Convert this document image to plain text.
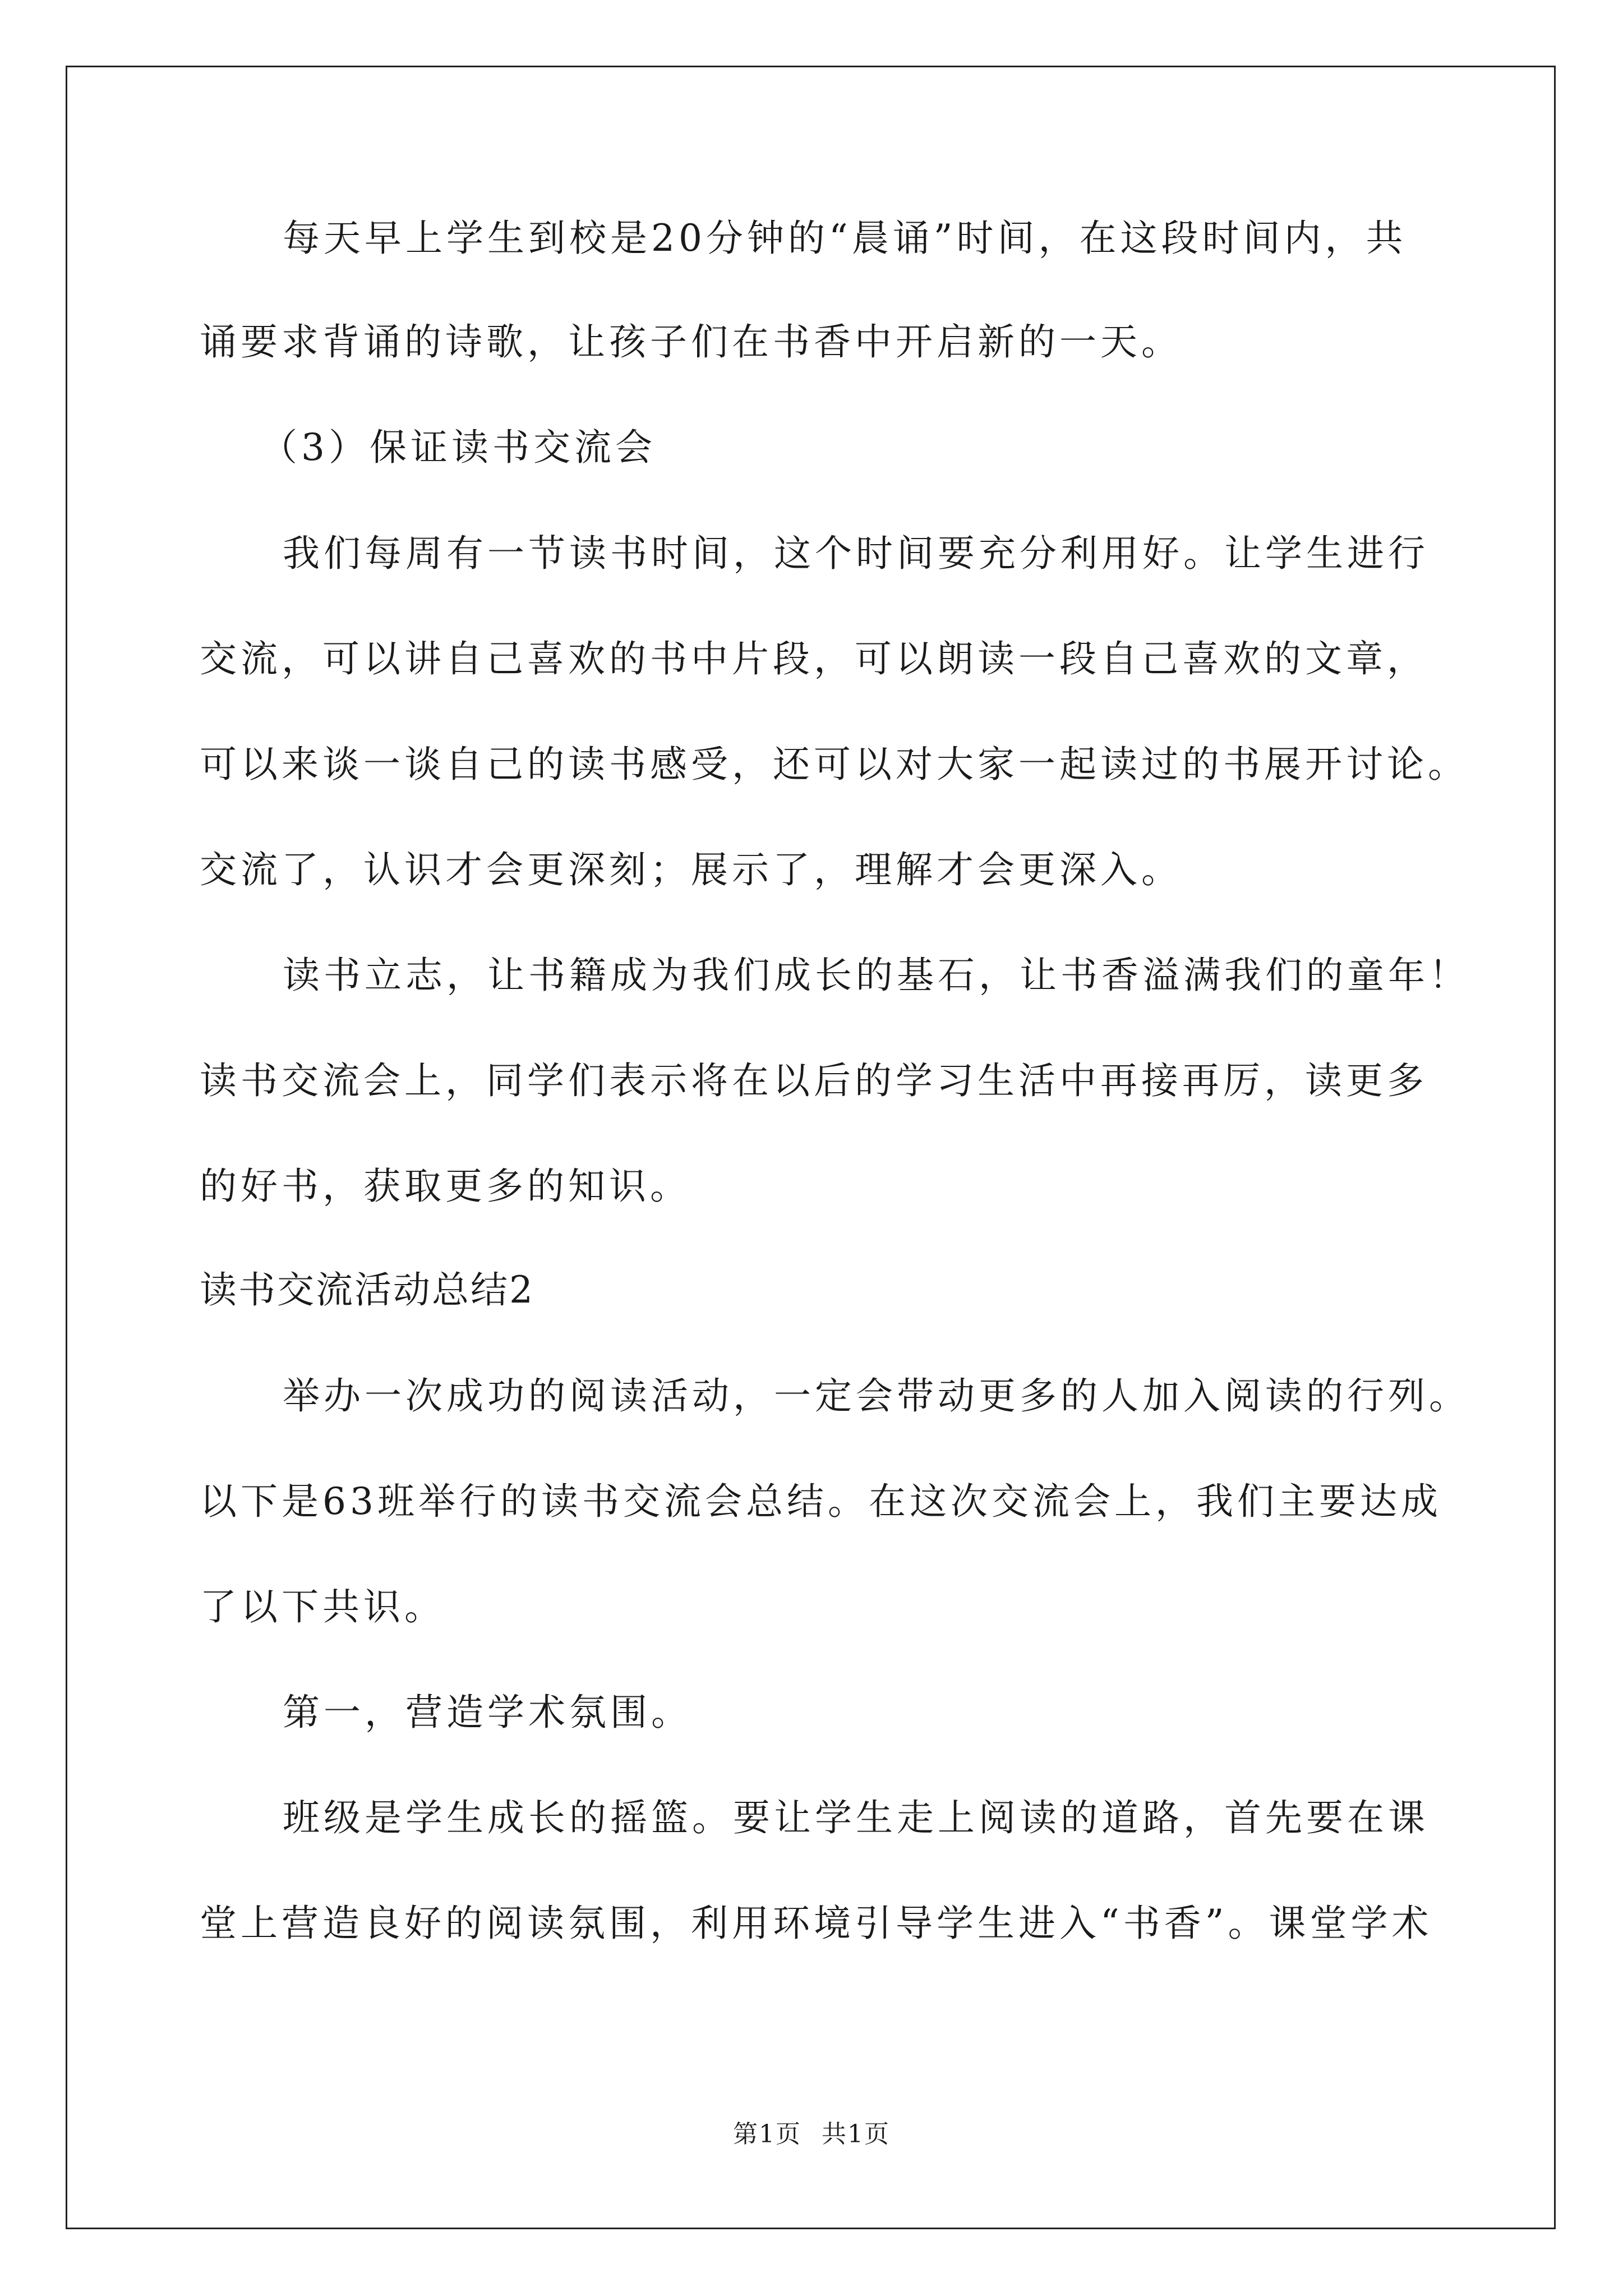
每天早上学生到校是20分钟的“晨诵”时间，在这段时间内，共
诵要求背诵的诗歌，让孩子们在书香中开启新的一天。
（3）保证读书交流会
我们每周有一节读书时间，这个时间要充分利用好。让学生进行
交流，可以讲自己喜欢的书中片段，可以朗读一段自己喜欢的文章，
可以来谈一谈自己的读书感受，还可以对大家一起读过的书展开讨论。
交流了，认识才会更深刻；展示了，理解才会更深入。
读书立志，让书籍成为我们成长的基石，让书香溢满我们的童年！
读书交流会上，同学们表示将在以后的学习生活中再接再厉，读更多
的好书，获取更多的知识。
读书交流活动总结2
举办一次成功的阅读活动，一定会带动更多的人加入阅读的行列。
以下是63班举行的读书交流会总结。在这次交流会上，我们主要达成
了以下共识。
第一，营造学术氛围。
班级是学生成长的摇篮。要让学生走上阅读的道路，首先要在课
堂上营造良好的阅读氛围，利用环境引导学生进入“书香”。课堂学术
第1页 共1页
